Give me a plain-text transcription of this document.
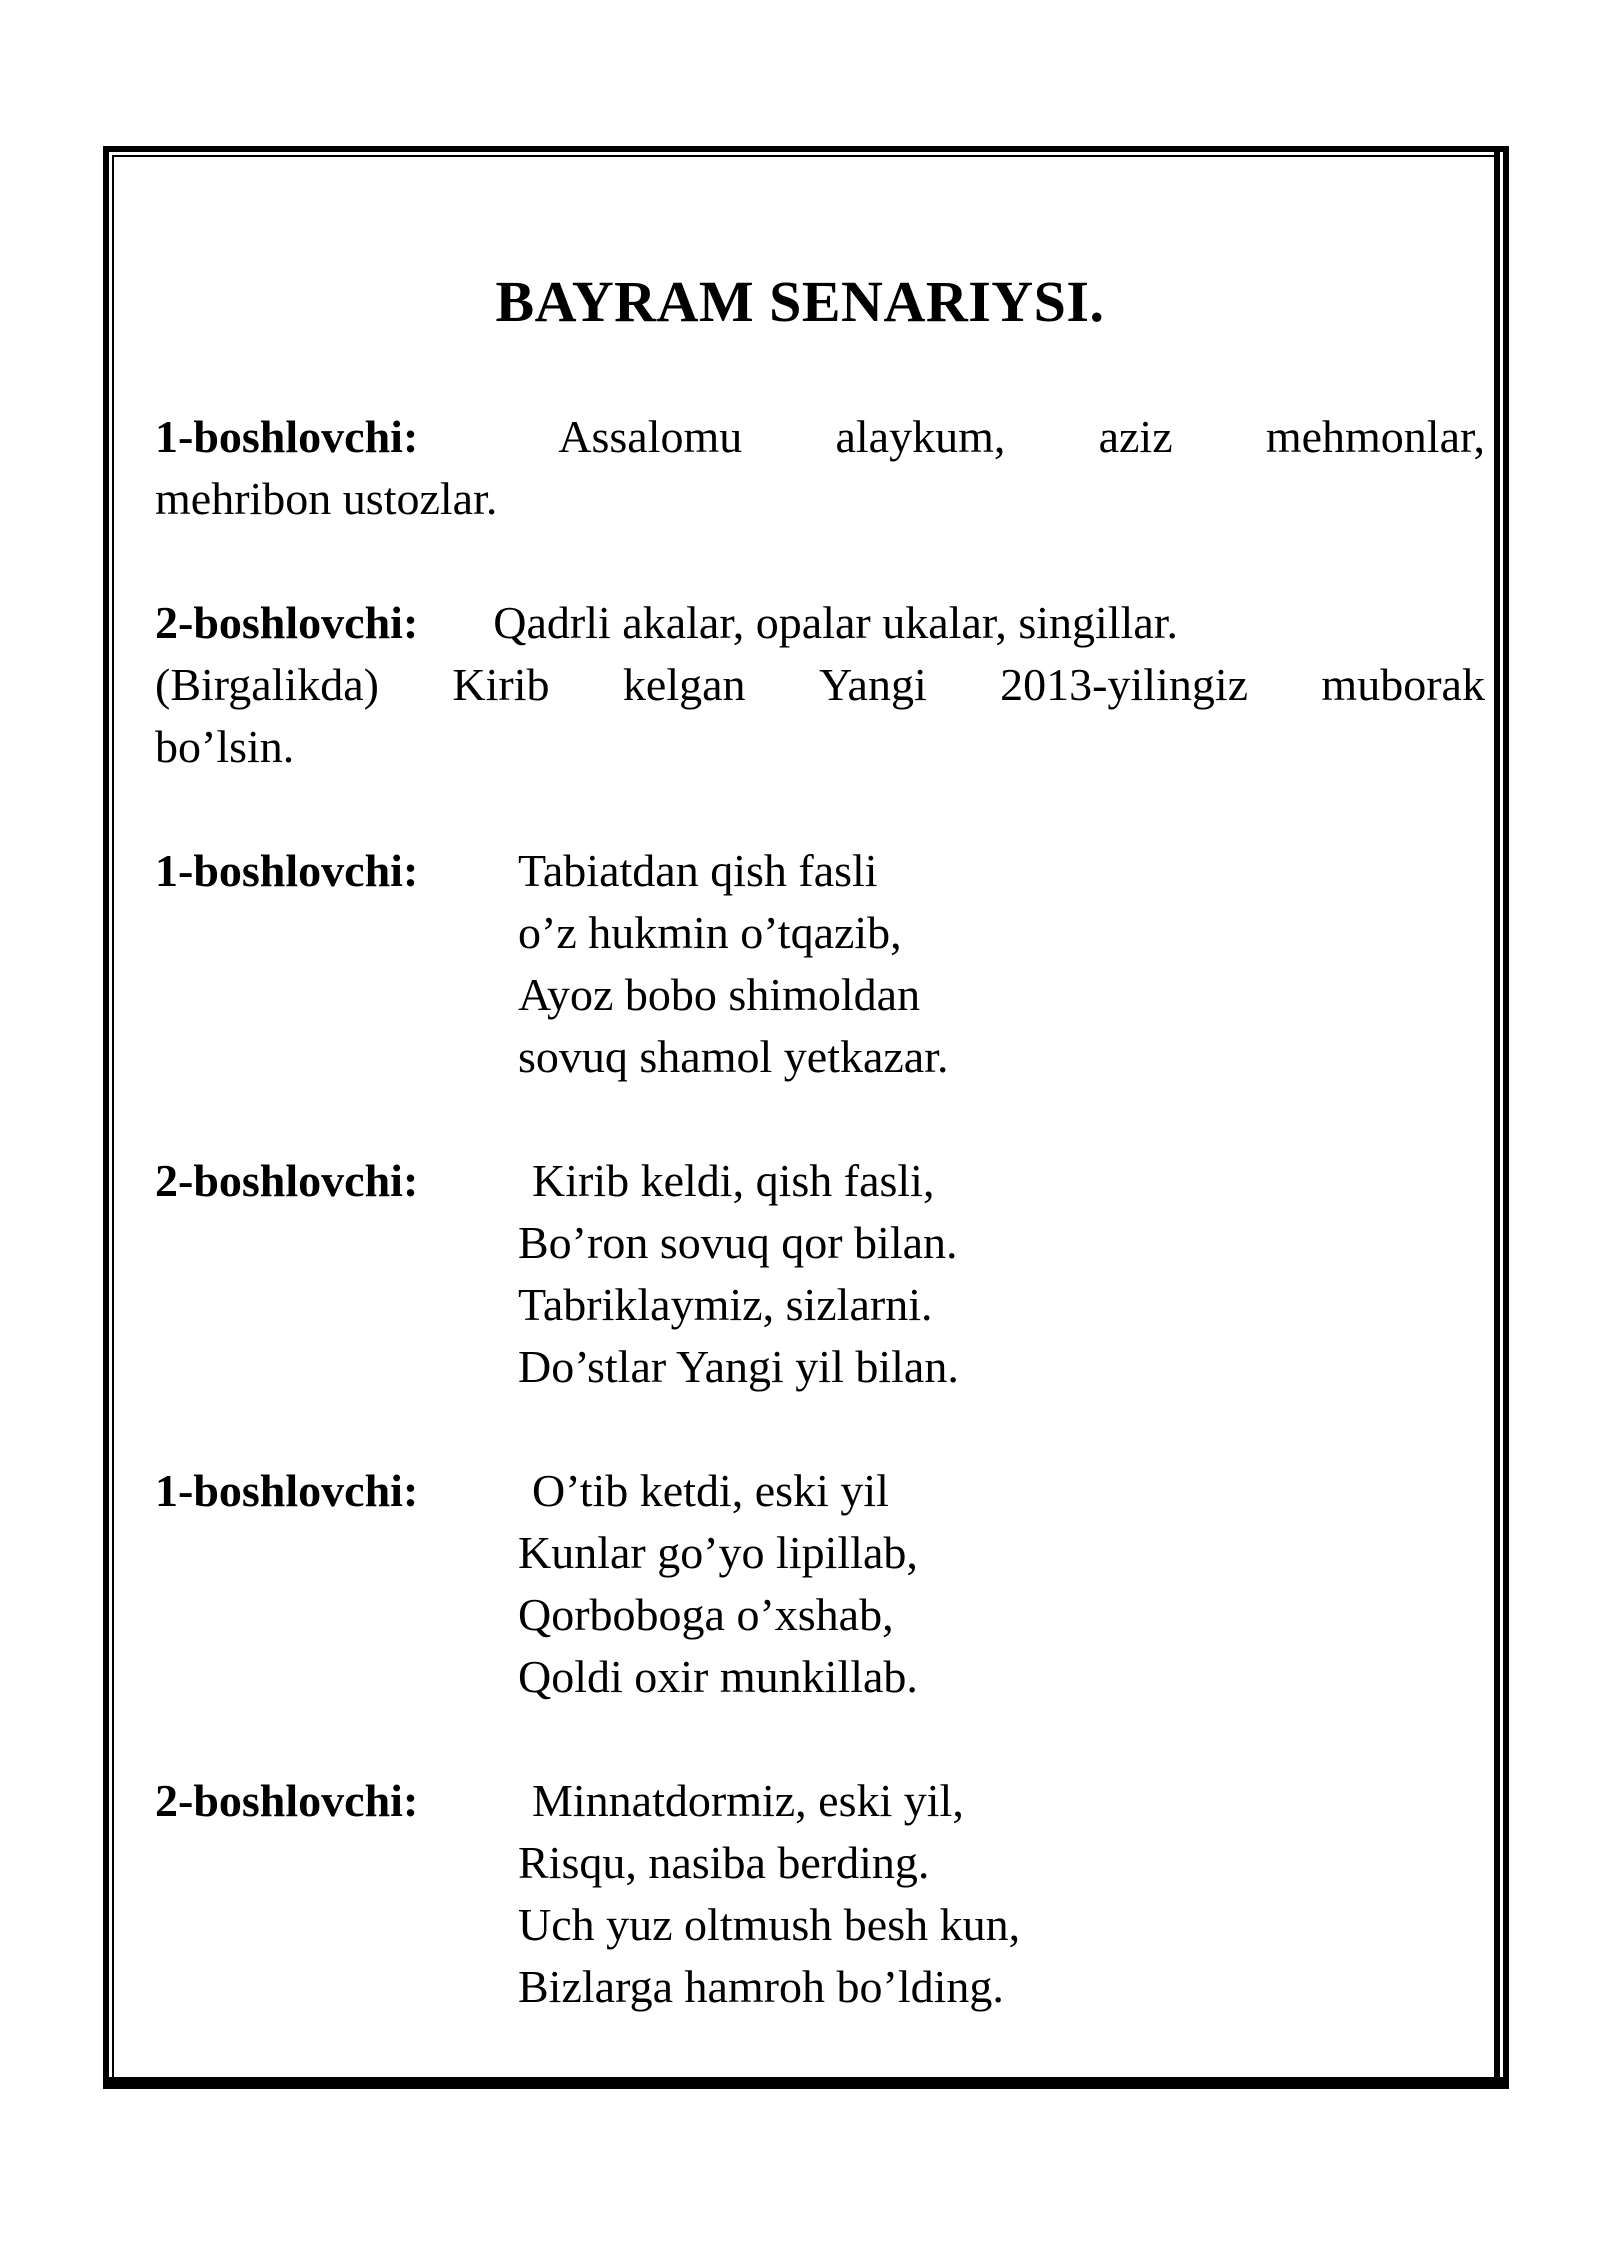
BAYRAM SENARIYSI.
1-boshlovchi:	Assalomu alaykum, aziz mehmonlar,
mehribon ustozlar.
2-boshlovchi: Qadrli akalar, opalar ukalar, singillar.
(Birgalikda) Kirib kelgan Yangi 2013-yilingiz muborak
bo’lsin.
1-boshlovchi: Tabiatdan qish fasli
o’z hukmin o’tqazib,
Ayoz bobo shimoldan
sovuq shamol yetkazar.
2-boshlovchi: Kirib keldi, qish fasli,
Bo’ron sovuq qor bilan.
Tabriklaymiz, sizlarni.
Do’stlar Yangi yil bilan.
1-boshlovchi: O’tib ketdi, eski yil
Kunlar go’yo lipillab,
Qorboboga o’xshab,
Qoldi oxir munkillab.
2-boshlovchi: Minnatdormiz, eski yil,
Risqu, nasiba berding.
Uch yuz oltmush besh kun,
Bizlarga hamroh bo’lding.
